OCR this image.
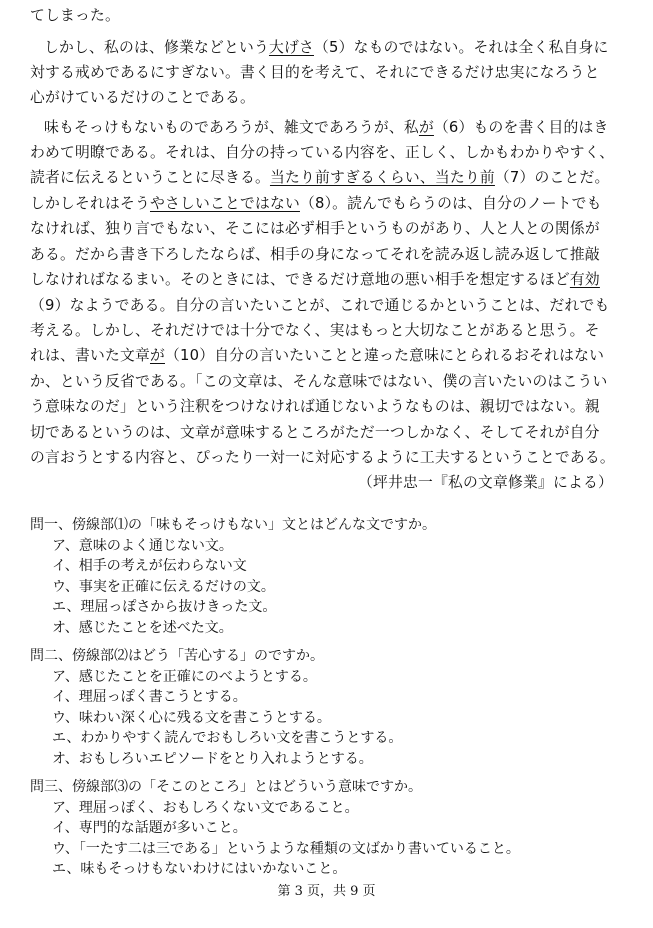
てしまった。

しかし、私のは、修業などという大げさ（5）なものではない。それは全く私自身に

対する戒めであるにすぎない。書く目的を考えて、それにできるだけ忠実になろうと

心がけているだけのことである。

味もそっけもないものであろうが、雑文であろうが、私が（6）ものを書く目的はき

わめて明瞭である。それは、自分の持っている内容を、正しく、しかもわかりやすく、

読者に伝えるということに尽きる。当たり前すぎるくらい、当たり前（7）のことだ。

しかしそれはそうやさしいことではない（8）。読んでもらうのは、自分のノートでも

なければ、独り言でもない、そこには必ず相手というものがあり、人と人との関係が

ある。だから書き下ろしたならば、相手の身になってそれを読み返し読み返して推敲

しなければなるまい。そのときには、できるだけ意地の悪い相手を想定するほど有効

（9）なようである。自分の言いたいことが、これで通じるかということは、だれでも

考える。しかし、それだけでは十分でなく、実はもっと大切なことがあると思う。そ

れは、書いた文章が（10）自分の言いたいことと違った意味にとられるおそれはない

か、という反省である。「この文章は、そんな意味ではない、僕の言いたいのはこうい

う意味なのだ」という注釈をつけなければ通じないようなものは、親切ではない。親

切であるというのは、文章が意味するところがただ一つしかなく、そしてそれが自分

の言おうとする内容と、ぴったり一対一に対応するように工夫するということである。

（坪井忠一『私の文章修業』による）

問一、傍線部⑴の「味もそっけもない」文とはどんな文ですか。
ア、意味のよく通じない文。
イ、相手の考えが伝わらない文
ウ、事実を正確に伝えるだけの文。
エ、理屈っぽさから抜けきった文。
オ、感じたことを述べた文。
問二、傍線部⑵はどう「苦心する」のですか。
ア、感じたことを正確にのべようとする。
イ、理屈っぽく書こうとする。
ウ、味わい深く心に残る文を書こうとする。
エ、わかりやすく読んでおもしろい文を書こうとする。
オ、おもしろいエピソードをとり入れようとする。
問三、傍線部⑶の「そこのところ」とはどういう意味ですか。
第 3 页，共 9 页
ア、理屈っぽく、おもしろくない文であること。
イ、専門的な話題が多いこと。
ウ、「一たす二は三である」というような種類の文ばかり書いていること。
エ、味もそっけもないわけにはいかないこと。
